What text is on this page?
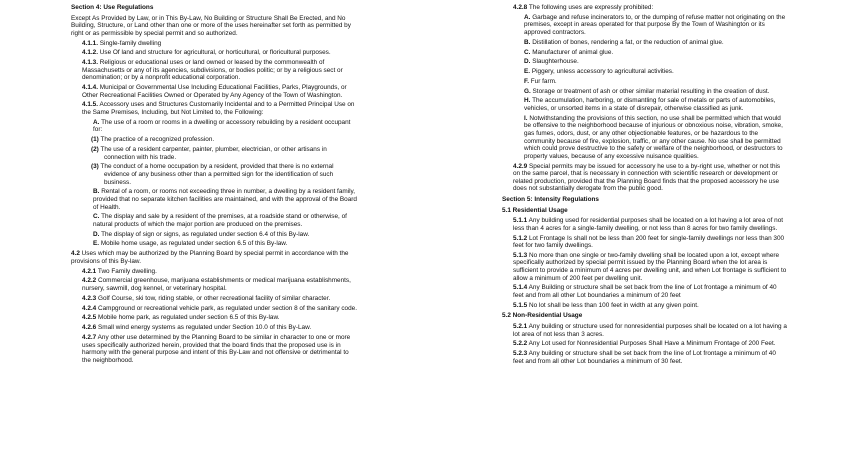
Section 4: Use Regulations

Except As Provided by Law, or in This By-Law, No Building or Structure Shall Be Erected, and No Building, Structure, or Land other than one or more of the uses hereinafter set forth as permitted by right or as permissible by special permit and so authorized.

4.1.1. Single-family dwelling

4.1.2. Use Of land and structure for agricultural, or horticultural, or floricultural purposes.

4.1.3. Religious or educational uses or land owned or leased by the commonwealth of Massachusetts or any of its agencies, subdivisions, or bodies politic; or by a religious sect or denomination; or by a nonprofit educational corporation.

4.1.4. Municipal or Governmental Use Including Educational Facilities, Parks, Playgrounds, or Other Recreational Facilities Owned or Operated by Any Agency of the Town of Washington.

4.1.5. Accessory uses and Structures Customarily Incidental and to a Permitted Principal Use on the Same Premises, Including, but Not Limited to, the Following:

A. The use of a room or rooms in a dwelling or accessory rebuilding by a resident occupant for:

(1) The practice of a recognized profession.

(2) The use of a resident carpenter, painter, plumber, electrician, or other artisans in connection with his trade.

(3) The conduct of a home occupation by a resident, provided that there is no external evidence of any business other than a permitted sign for the identification of such business.

B. Rental of a room, or rooms not exceeding three in number, a dwelling by a resident family, provided that no separate kitchen facilities are maintained, and with the approval of the Board of Health.

C. The display and sale by a resident of the premises, at a roadside stand or otherwise, of natural products of which the major portion are produced on the premises.

D. The display of sign or signs, as regulated under section 6.4 of this By-law.

E. Mobile home usage, as regulated under section 6.5 of this By-law.

4.2 Uses which may be authorized by the Planning Board by special permit in accordance with the provisions of this By-law.

4.2.1 Two Family dwelling.

4.2.2 Commercial greenhouse, marijuana establishments or medical marijuana establishments, nursery, sawmill, dog kennel, or veterinary hospital.

4.2.3 Golf Course, ski tow, riding stable, or other recreational facility of similar character.

4.2.4 Campground or recreational vehicle park, as regulated under section 8 of the sanitary code.

4.2.5 Mobile home park, as regulated under section 6.5 of this By-law.

4.2.6 Small wind energy systems as regulated under Section 10.0 of this By-Law.

4.2.7 Any other use determined by the Planning Board to be similar in character to one or more uses specifically authorized herein, provided that the board finds that the proposed use is in harmony with the general purpose and intent of this By-Law and not offensive or detrimental to the neighborhood.

4.2.8 The following uses are expressly prohibited:

A. Garbage and refuse incinerators to, or the dumping of refuse matter not originating on the premises, except in areas operated for that purpose By the Town of Washington or its approved contractors.

B. Distillation of bones, rendering a fat, or the reduction of animal glue.

C. Manufacturer of animal glue.

D. Slaughterhouse.

E. Piggery, unless accessory to agricultural activities.

F. Fur farm.

G. Storage or treatment of ash or other similar material resulting in the creation of dust.

H. The accumulation, harboring, or dismantling for sale of metals or parts of automobiles, vehicles, or unsorted items in a state of disrepair, otherwise classified as junk.

I. Notwithstanding the provisions of this section, no use shall be permitted which that would be offensive to the neighborhood because of injurious or obnoxious noise, vibration, smoke, gas fumes, odors, dust, or any other objectionable features, or be hazardous to the community because of fire, explosion, traffic, or any other cause. No use shall be permitted which could prove destructive to the safety or welfare of the neighborhood, or destructors to property values, because of any excessive nuisance qualities.

4.2.9 Special permits may be issued for accessory he use to a by-right use, whether or not this on the same parcel, that is necessary in connection with scientific research or development or related production, provided that the Planning Board finds that the proposed accessory he use does not substantially derogate from the public good.

Section 5: Intensity Regulations

5.1 Residential Usage

5.1.1 Any building used for residential purposes shall be located on a lot having a lot area of not less than 4 acres for a single-family dwelling, or not less than 8 acres for two family dwellings.

5.1.2 Lot Frontage Is shall not be less than 200 feet for single-family dwellings nor less than 300 feet for two family dwellings.

5.1.3 No more than one single or two-family dwelling shall be located upon a lot, except where specifically authorized by special permit issued by the Planning Board when the lot area is sufficient to provide a minimum of 4 acres per dwelling unit, and when Lot frontage is sufficient to allow a minimum of 200 feet per dwelling unit.

5.1.4 Any Building or structure shall be set back from the line of Lot frontage a minimum of 40 feet and from all other Lot boundaries a minimum of 20 feet

5.1.5 No lot shall be less than 100 feet in width at any given point.

5.2 Non-Residential Usage

5.2.1 Any building or structure used for nonresidential purposes shall be located on a lot having a lot area of not less than 3 acres.

5.2.2 Any Lot used for Nonresidential Purposes Shall Have a Minimum Frontage of 200 Feet.

5.2.3 Any building or structure shall be set back from the line of Lot frontage a minimum of 40 feet and from all other Lot boundaries a minimum of 30 feet.
